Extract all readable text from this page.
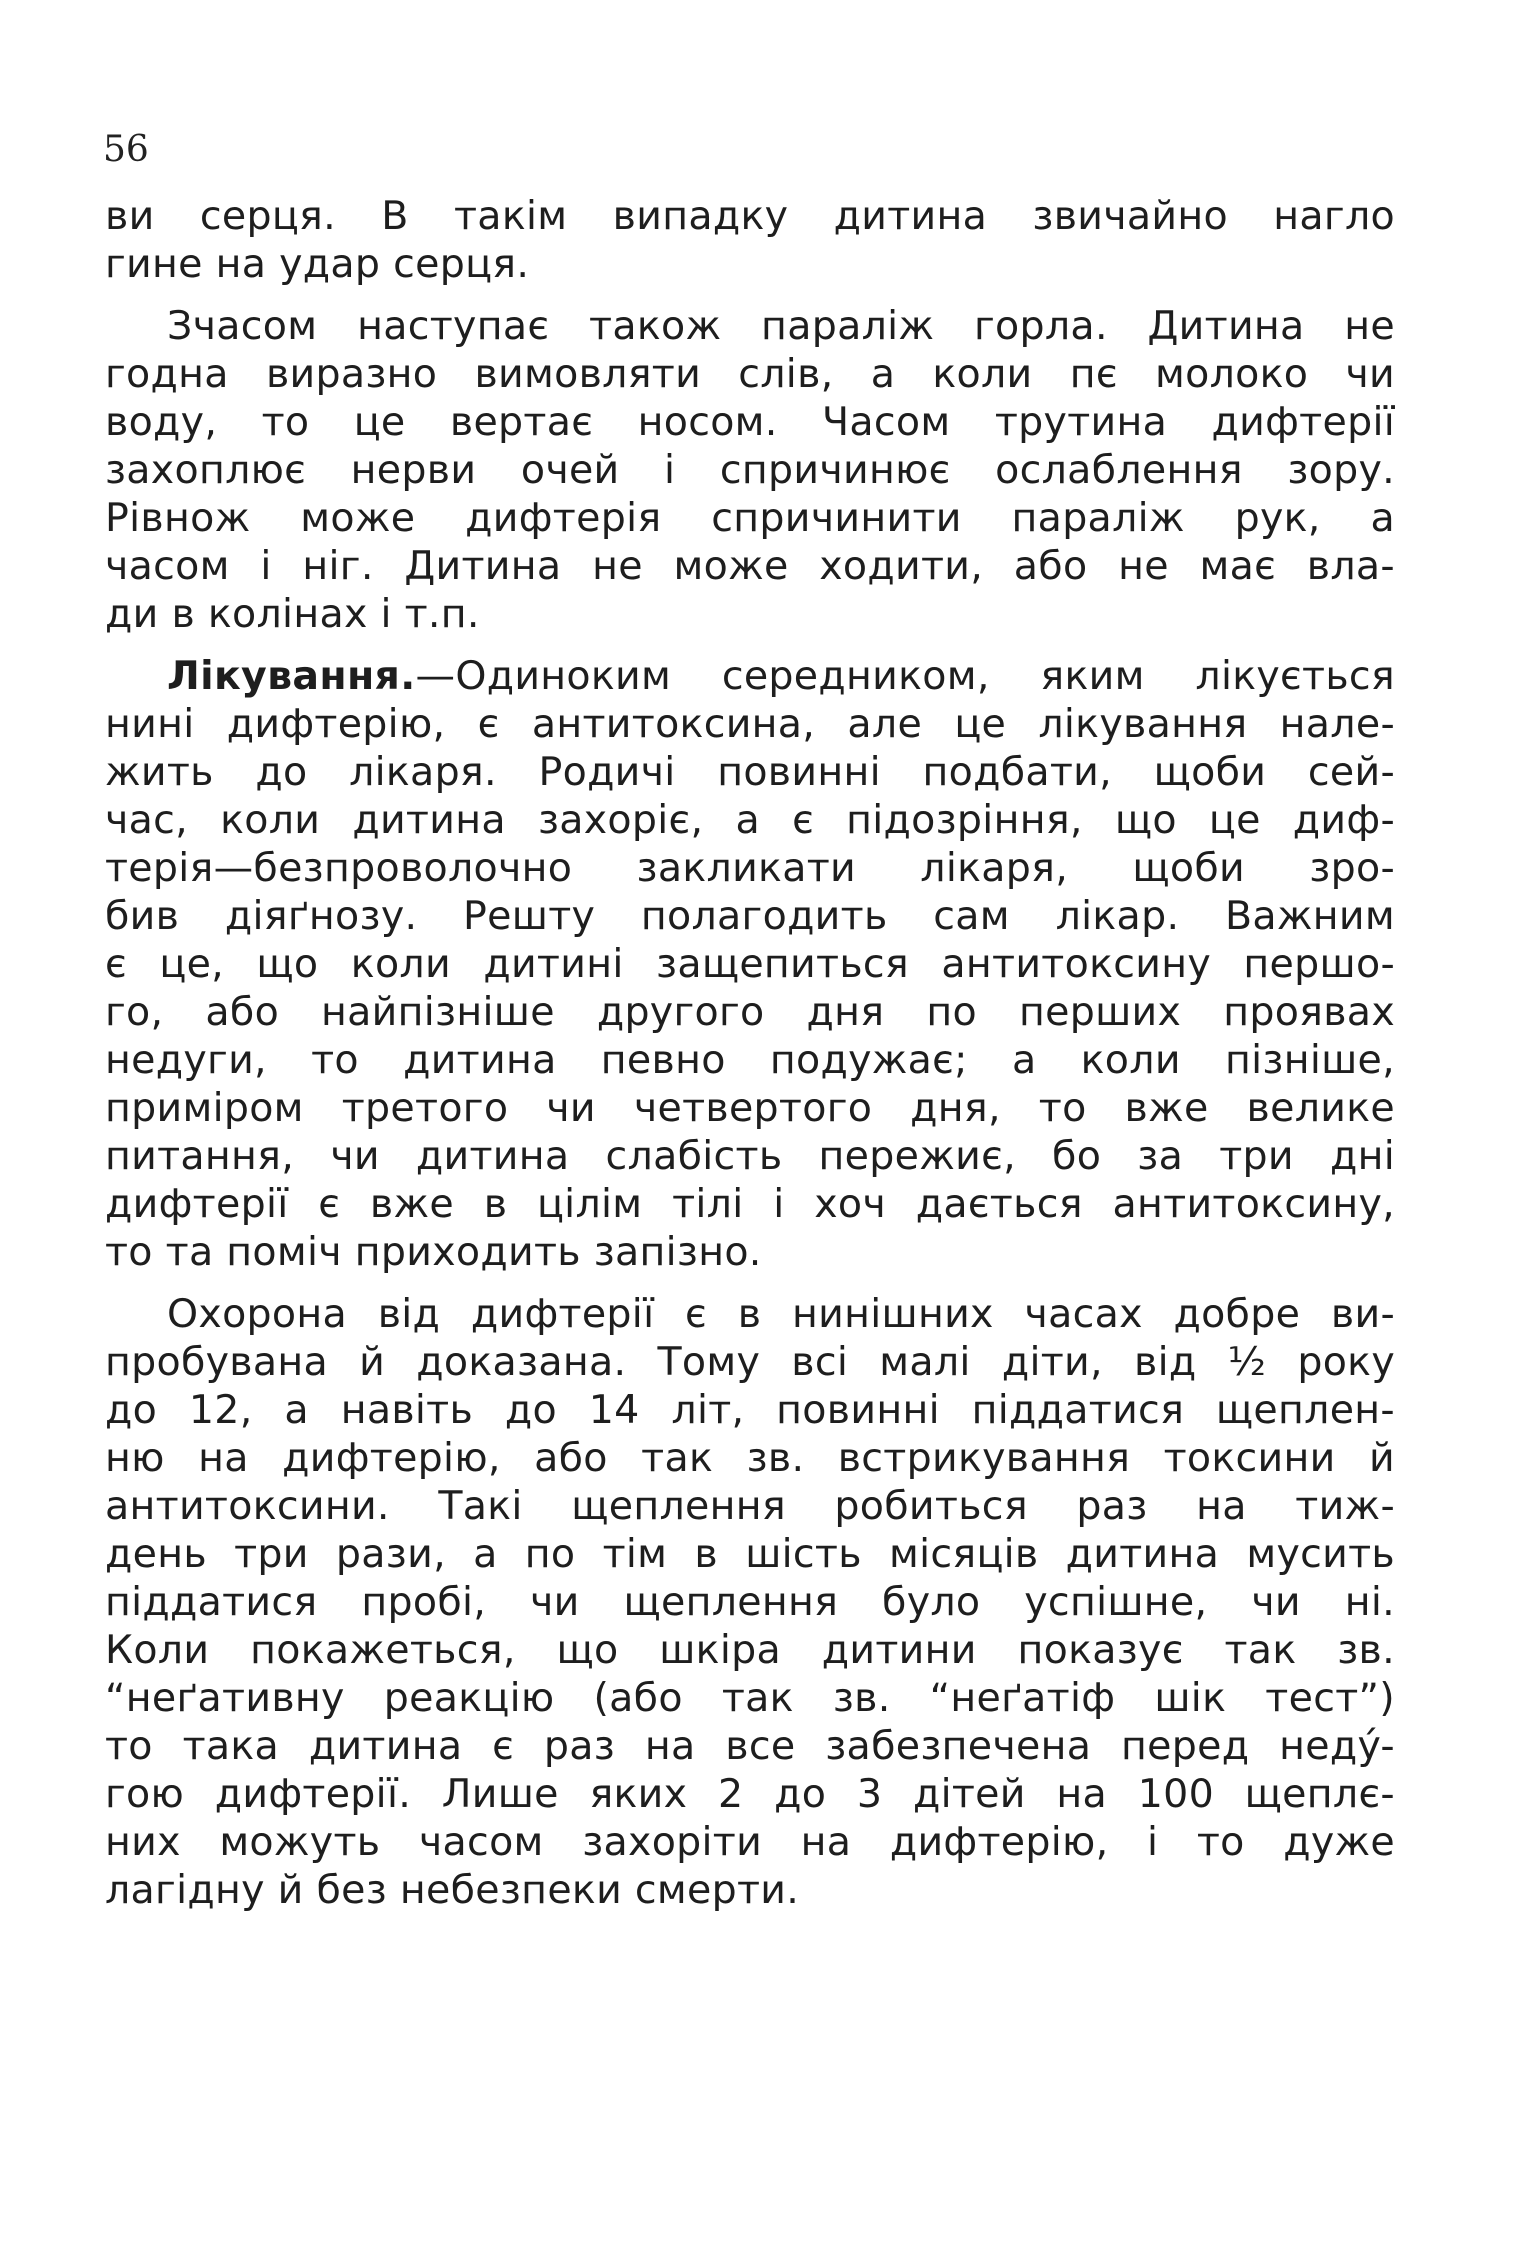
56
ви серця. В такім випадку дитина звичайно нагло
гине на удар серця.
Зчасом наступає також параліж горла. Дитина не
годна виразно вимовляти слів, а коли пє молоко чи
воду, то це вертає носом. Часом трутина дифтерії
захоплює нерви очей і спричинює ослаблення зору.
Рівнож може дифтерія спричинити параліж рук, а
часом і ніг. Дитина не може ходити, або не має вла-
ди в колінах і т.п.
Лікування.—Одиноким середником, яким лікується
нині дифтерію, є антитоксина, але це лікування нале-
жить до лікаря. Родичі повинні подбати, щоби сей-
час, коли дитина захоріє, а є підозріння, що це диф-
терія—безпроволочно закликати лікаря, щоби зро-
бив діяґнозу. Решту полагодить сам лікар. Важним
є це, що коли дитині защепиться антитоксину першо-
го, або найпізніше другого дня по перших проявах
недуги, то дитина певно подужає; а коли пізніше,
приміром третого чи четвертого дня, то вже велике
питання, чи дитина слабість пережиє, бо за три дні
дифтерії є вже в цілім тілі і хоч дається антитоксину,
то та поміч приходить запізно.
Охорона від дифтерії є в нинішних часах добре ви-
пробувана й доказана. Тому всі малі діти, від ½ року
до 12, а навіть до 14 літ, повинні піддатися щеплен-
ню на дифтерію, або так зв. встрикування токсини й
антитоксини. Такі щеплення робиться раз на тиж-
день три рази, а по тім в шість місяців дитина мусить
піддатися пробі, чи щеплення було успішне, чи ні.
Коли покажеться, що шкіра дитини показує так зв.
“неґативну реакцію (або так зв. “неґатіф шік тест”)
то така дитина є раз на все забезпечена перед недý-
гою дифтерії. Лише яких 2 до 3 дітей на 100 щеплє-
них можуть часом захоріти на дифтерію, і то дуже
лагідну й без небезпеки смерти.
